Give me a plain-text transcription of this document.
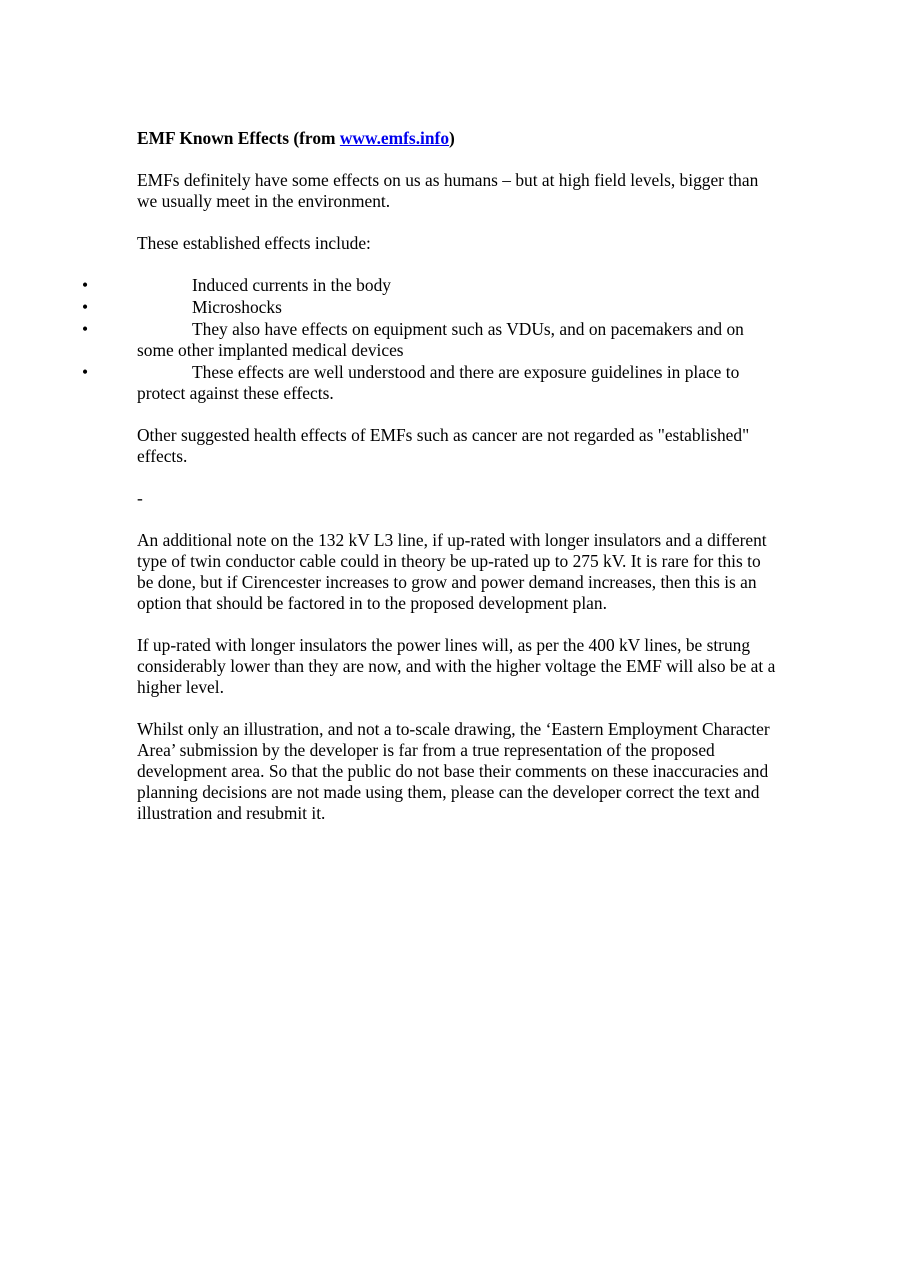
EMF Known Effects (from www.emfs.info)

EMFs definitely have some effects on us as humans – but at high field levels, bigger than we usually meet in the environment.

These established effects include:

•	Induced currents in the body
•	Microshocks
•	They also have effects on equipment such as VDUs, and on pacemakers and on some other implanted medical devices
•	These effects are well understood and there are exposure guidelines in place to protect against these effects.

Other suggested health effects of EMFs such as cancer are not regarded as "established" effects.

-

An additional note on the 132 kV L3 line, if up-rated with longer insulators and a different type of twin conductor cable could in theory be up-rated up to 275 kV. It is rare for this to be done, but if Cirencester increases to grow and power demand increases, then this is an option that should be factored in to the proposed development plan.

If up-rated with longer insulators the power lines will, as per the 400 kV lines, be strung considerably lower than they are now, and with the higher voltage the EMF will also be at a higher level.

Whilst only an illustration, and not a to-scale drawing, the ‘Eastern Employment Character Area’ submission by the developer is far from a true representation of the proposed development area. So that the public do not base their comments on these inaccuracies and planning decisions are not made using them, please can the developer correct the text and illustration and resubmit it.
